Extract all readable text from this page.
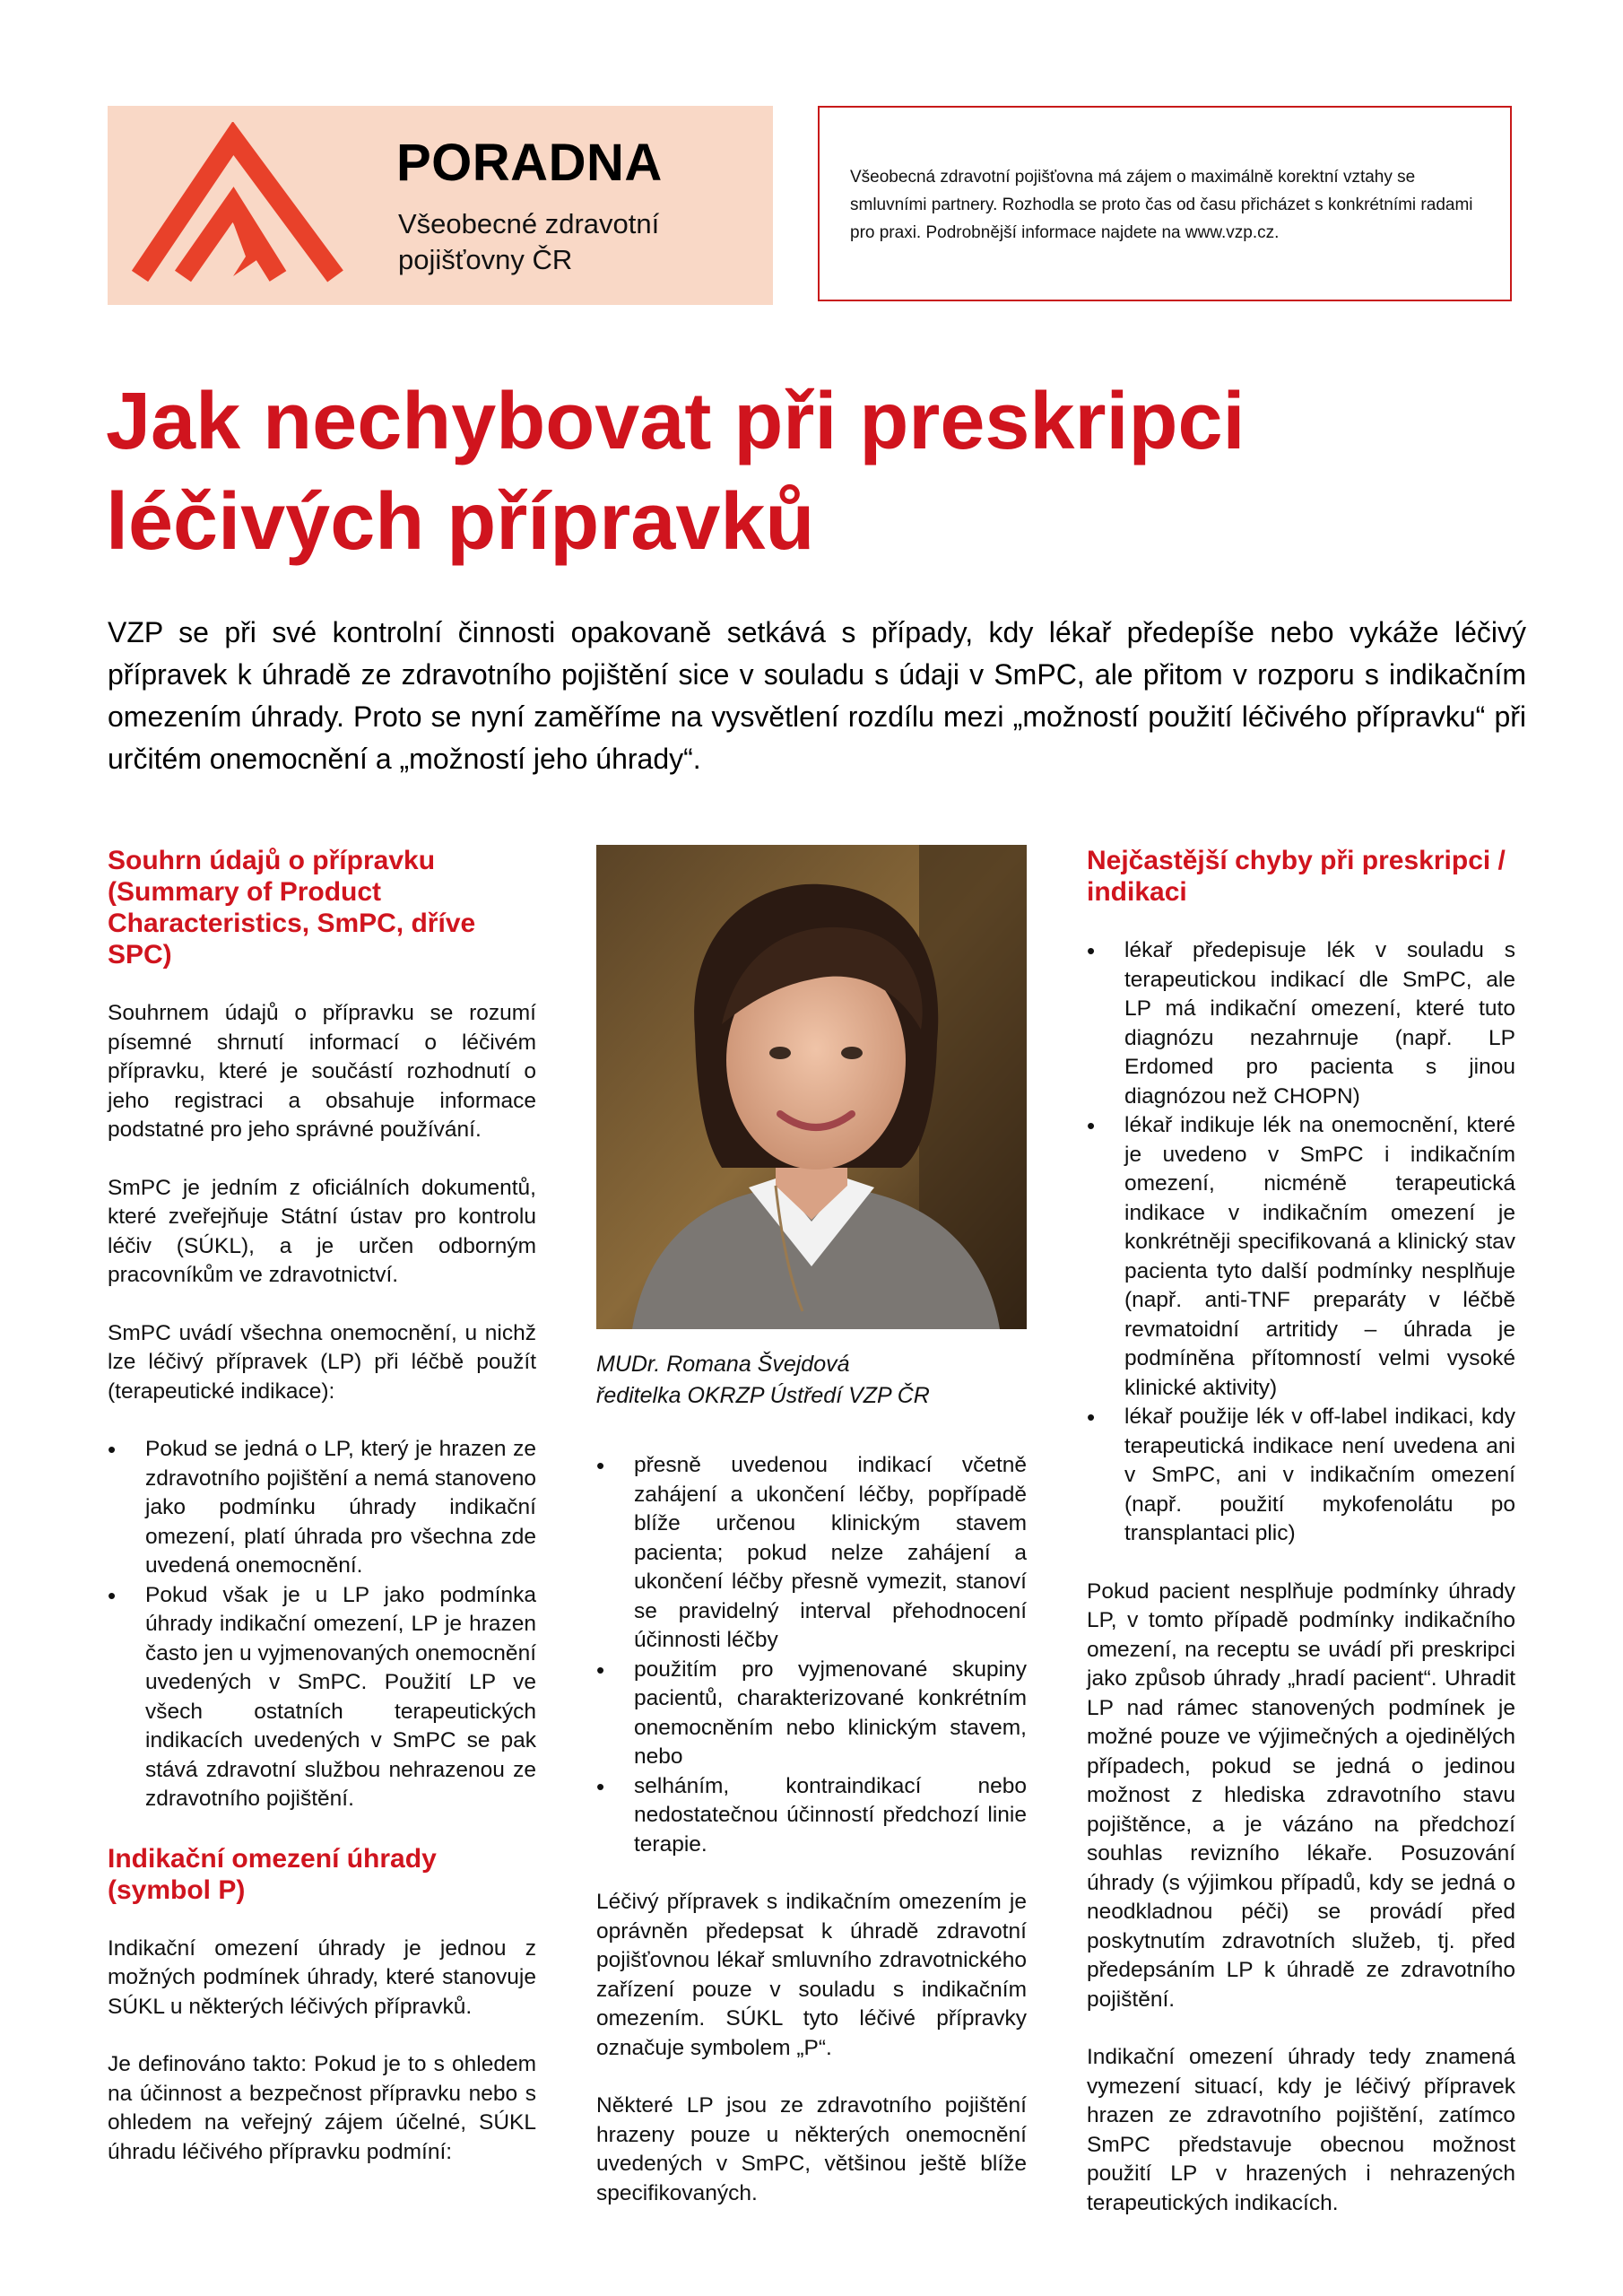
PORADNA
Všeobecné zdravotní
pojišťovny ČR
Všeobecná zdravotní pojišťovna má zájem o maximálně korektní vztahy se smluvními partnery. Rozhodla se proto čas od času přicházet s konkrétními radami pro praxi. Podrobnější informace najdete na www.vzp.cz.
Jak nechybovat při preskripci
léčivých přípravků

VZP se při své kontrolní činnosti opakovaně setkává s případy, kdy lékař předepíše nebo vykáže léčivý přípravek k úhradě ze zdravotního pojištění sice v souladu s údaji v SmPC, ale přitom v rozporu s indikačním omezením úhrady. Proto se nyní zaměříme na vysvětlení rozdílu mezi „možností použití léčivého přípravku“ při určitém onemocnění a „možností jeho úhrady“.

Souhrn údajů o přípravku (Summary of Product Characteristics, SmPC, dříve SPC)

Souhrnem údajů o přípravku se rozumí písemné shrnutí informací o léčivém přípravku, které je součástí rozhodnutí o jeho registraci a obsahuje informace podstatné pro jeho správné používání.

SmPC je jedním z oficiálních dokumentů, které zveřejňuje Státní ústav pro kontrolu léčiv (SÚKL), a je určen odborným pracovníkům ve zdravotnictví.

SmPC uvádí všechna onemocnění, u nichž lze léčivý přípravek (LP) při léčbě použít (terapeutické indikace):

• Pokud se jedná o LP, který je hrazen ze zdravotního pojištění a nemá stanoveno jako podmínku úhrady indikační omezení, platí úhrada pro všechna zde uvedená onemocnění.
• Pokud však je u LP jako podmínka úhrady indikační omezení, LP je hrazen často jen u vyjmenovaných onemocnění uvedených v SmPC. Použití LP ve všech ostatních terapeutických indikacích uvedených v SmPC se pak stává zdravotní službou nehrazenou ze zdravotního pojištění.
Indikační omezení úhrady (symbol P)

Indikační omezení úhrady je jednou z možných podmínek úhrady, které stanovuje SÚKL u některých léčivých přípravků.

Je definováno takto: Pokud je to s ohledem na účinnost a bezpečnost přípravku nebo s ohledem na veřejný zájem účelné, SÚKL úhradu léčivého přípravku podmíní:

MUDr. Romana Švejdová
ředitelka OKRZP Ústředí VZP ČR
• přesně uvedenou indikací včetně zahájení a ukončení léčby, popřípadě blíže určenou klinickým stavem pacienta; pokud nelze zahájení a ukončení léčby přesně vymezit, stanoví se pravidelný interval přehodnocení účinnosti léčby
• použitím pro vyjmenované skupiny pacientů, charakterizované konkrétním onemocněním nebo klinickým stavem, nebo
• selháním, kontraindikací nebo nedostatečnou účinností předchozí linie terapie.

Léčivý přípravek s indikačním omezením je oprávněn předepsat k úhradě zdravotní pojišťovnou lékař smluvního zdravotnického zařízení pouze v souladu s indikačním omezením. SÚKL tyto léčivé přípravky označuje symbolem „P“.

Některé LP jsou ze zdravotního pojištění hrazeny pouze u některých onemocnění uvedených v SmPC, většinou ještě blíže specifikovaných.

Nejčastější chyby při preskripci / indikaci
• lékař předepisuje lék v souladu s terapeutickou indikací dle SmPC, ale LP má indikační omezení, které tuto diagnózu nezahrnuje (např. LP Erdomed pro pacienta s jinou diagnózou než CHOPN)
• lékař indikuje lék na onemocnění, které je uvedeno v SmPC i indikačním omezení, nicméně terapeutická indikace v indikačním omezení je konkrétněji specifikovaná a klinický stav pacienta tyto další podmínky nesplňuje (např. anti-TNF preparáty v léčbě revmatoidní artritidy – úhrada je podmíněna přítomností velmi vysoké klinické aktivity)
• lékař použije lék v off-label indikaci, kdy terapeutická indikace není uvedena ani v SmPC, ani v indikačním omezení (např. použití mykofenolátu po transplantaci plic)

Pokud pacient nesplňuje podmínky úhrady LP, v tomto případě podmínky indikačního omezení, na receptu se uvádí při preskripci jako způsob úhrady „hradí pacient“. Uhradit LP nad rámec stanovených podmínek je možné pouze ve výjimečných a ojedinělých případech, pokud se jedná o jedinou možnost z hlediska zdravotního stavu pojištěnce, a je vázáno na předchozí souhlas revizního lékaře. Posuzování úhrady (s výjimkou případů, kdy se jedná o neodkladnou péči) se provádí před poskytnutím zdravotních služeb, tj. před předepsáním LP k úhradě ze zdravotního pojištění.

Indikační omezení úhrady tedy znamená vymezení situací, kdy je léčivý přípravek hrazen ze zdravotního pojištění, zatímco SmPC představuje obecnou možnost použití LP v hrazených i nehrazených terapeutických indikacích.
